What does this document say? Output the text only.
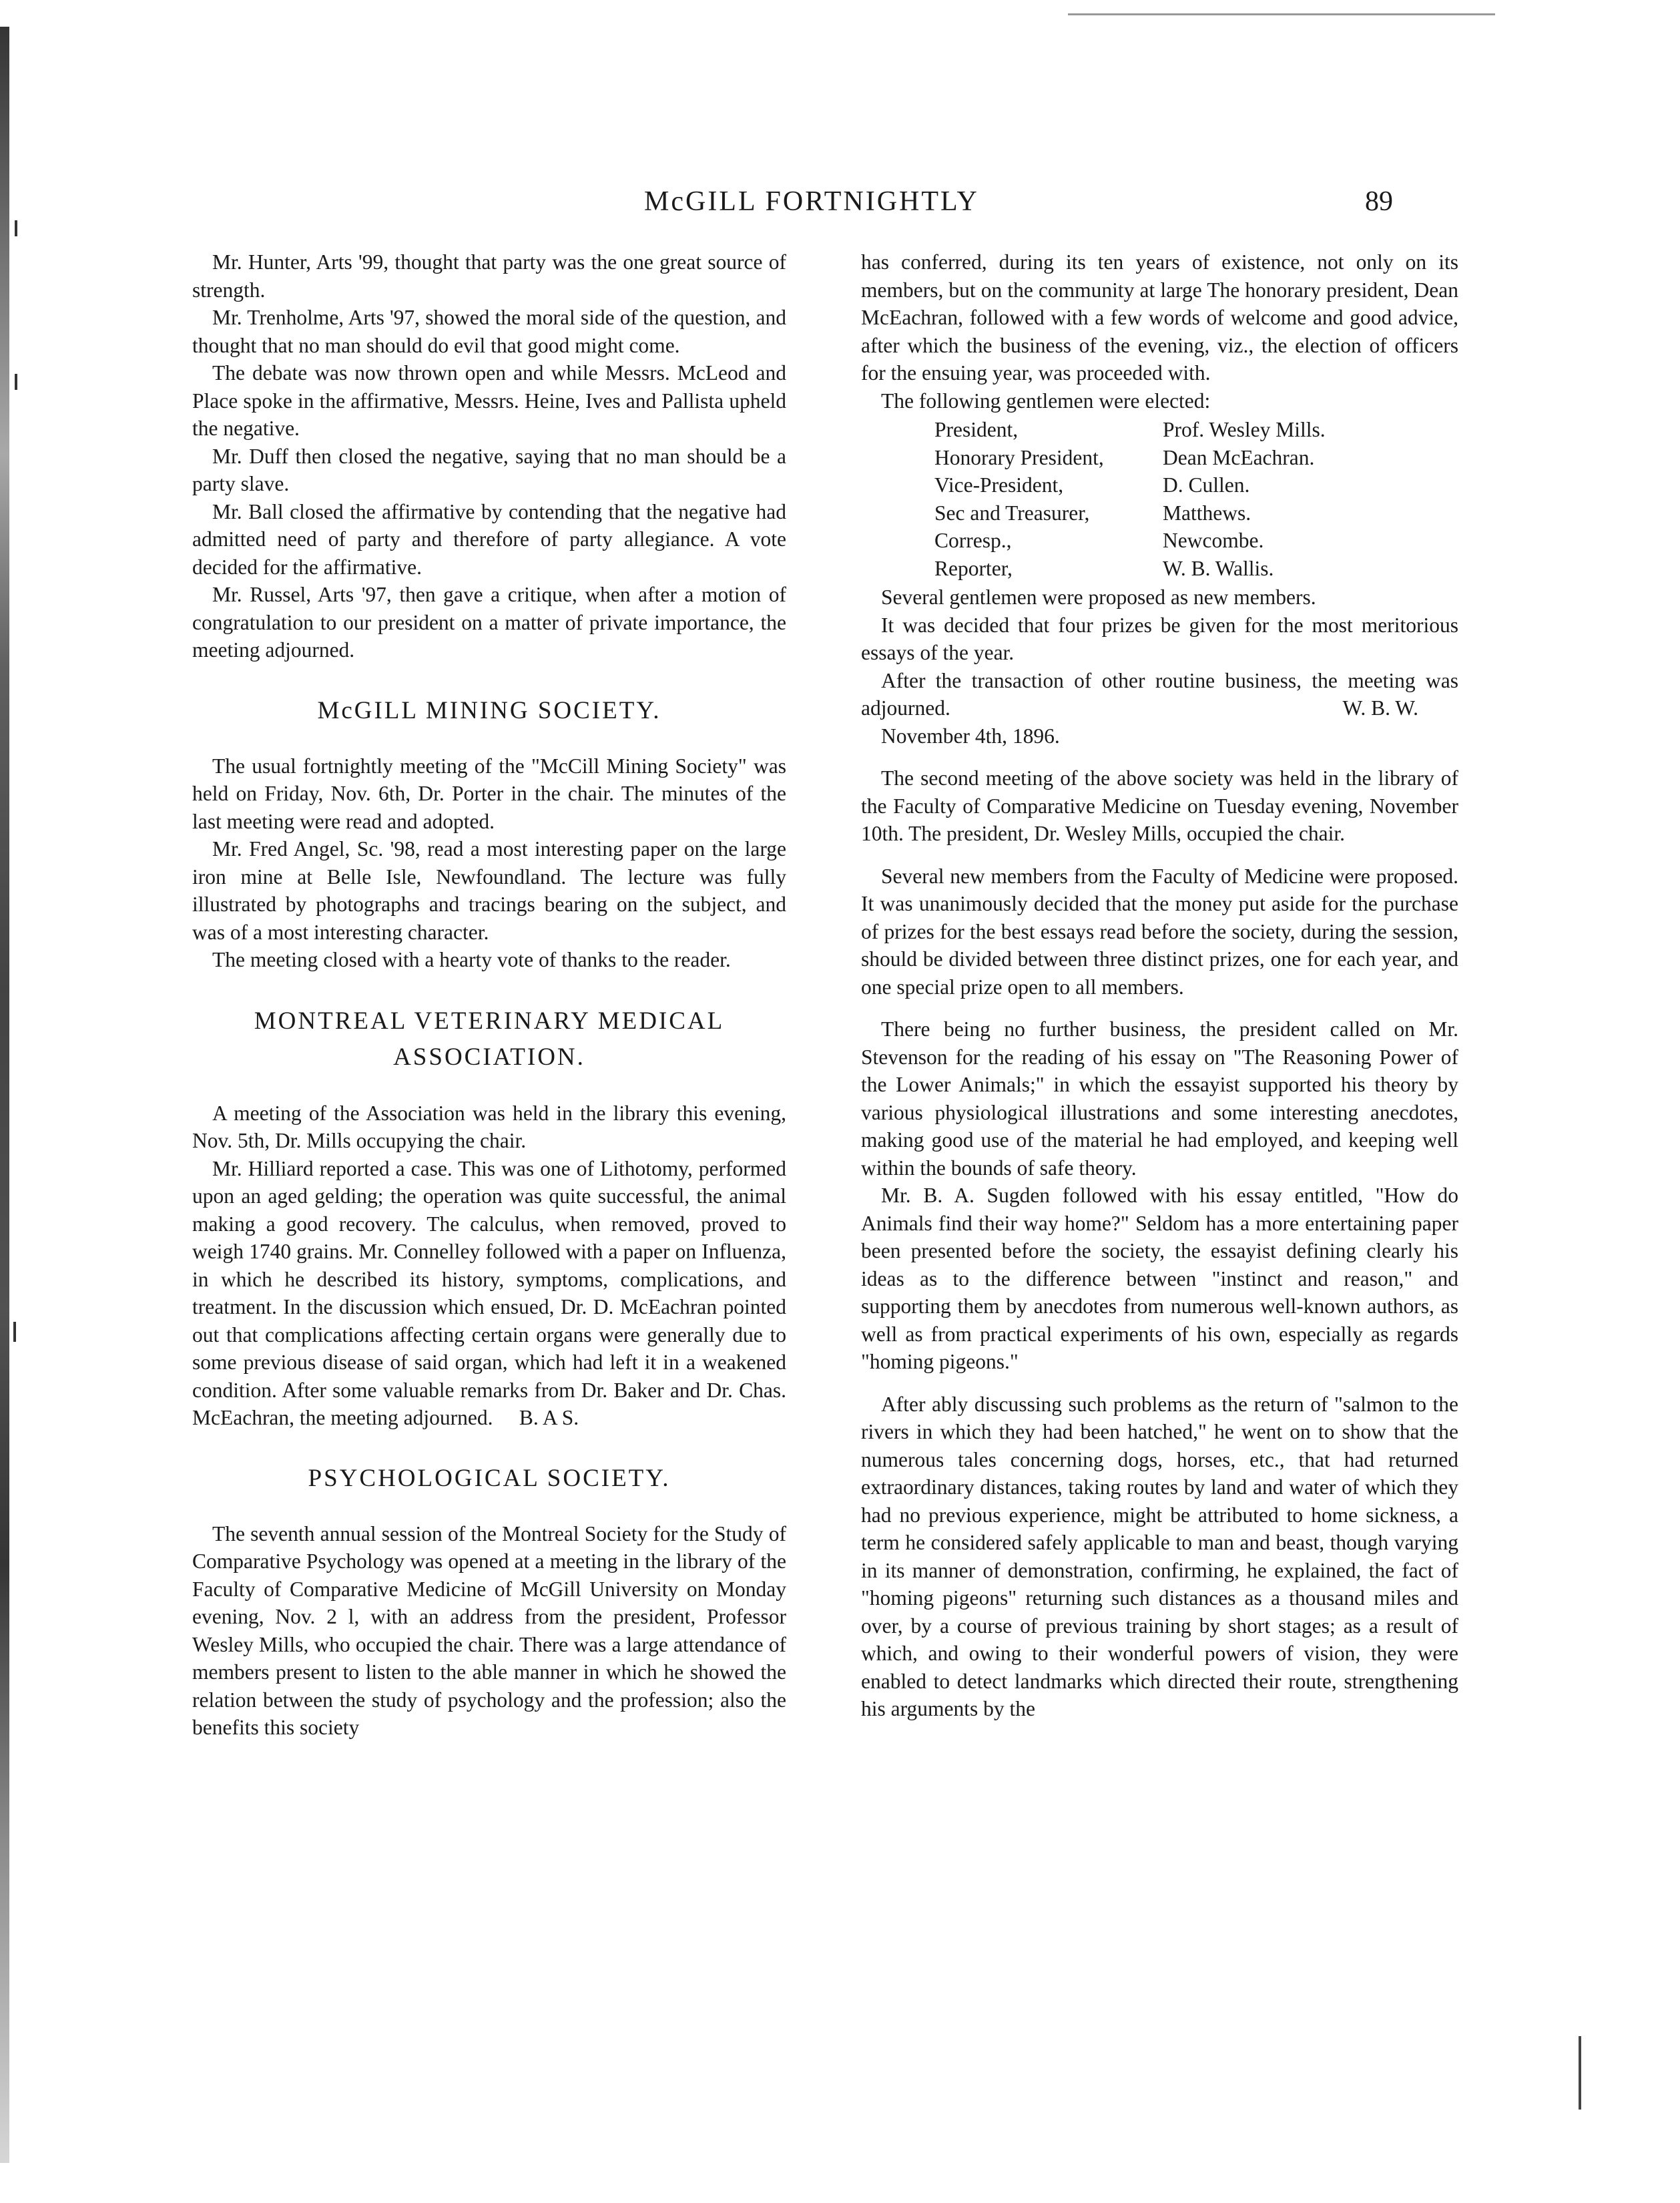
McGILL FORTNIGHTLY	89

Mr. Hunter, Arts '99, thought that party was the one great source of strength.

Mr. Trenholme, Arts '97, showed the moral side of the question, and thought that no man should do evil that good might come.

The debate was now thrown open and while Messrs. McLeod and Place spoke in the affirmative, Messrs. Heine, Ives and Pallista upheld the negative.

Mr. Duff then closed the negative, saying that no man should be a party slave.

Mr. Ball closed the affirmative by contending that the negative had admitted need of party and therefore of party allegiance. A vote decided for the affirmative.

Mr. Russel, Arts '97, then gave a critique, when after a motion of congratulation to our president on a matter of private importance, the meeting adjourned.

McGILL MINING SOCIETY.

The usual fortnightly meeting of the "McCill Mining Society" was held on Friday, Nov. 6th, Dr. Porter in the chair. The minutes of the last meeting were read and adopted.

Mr. Fred Angel, Sc. '98, read a most interesting paper on the large iron mine at Belle Isle, Newfoundland. The lecture was fully illustrated by photographs and tracings bearing on the subject, and was of a most interesting character.

The meeting closed with a hearty vote of thanks to the reader.

MONTREAL VETERINARY MEDICAL
ASSOCIATION.

A meeting of the Association was held in the library this evening, Nov. 5th, Dr. Mills occupying the chair.

Mr. Hilliard reported a case. This was one of Lithotomy, performed upon an aged gelding; the operation was quite successful, the animal making a good recovery. The calculus, when removed, proved to weigh 1740 grains. Mr. Connelley followed with a paper on Influenza, in which he described its history, symptoms, complications, and treatment. In the discussion which ensued, Dr. D. McEachran pointed out that complications affecting certain organs were generally due to some previous disease of said organ, which had left it in a weakened condition. After some valuable remarks from Dr. Baker and Dr. Chas. McEachran, the meeting adjourned. B. A S.

PSYCHOLOGICAL SOCIETY.

The seventh annual session of the Montreal Society for the Study of Comparative Psychology was opened at a meeting in the library of the Faculty of Comparative Medicine of McGill University on Monday evening, Nov. 2 l, with an address from the president, Professor Wesley Mills, who occupied the chair. There was a large attendance of members present to listen to the able manner in which he showed the relation between the study of psychology and the profession; also the benefits this society

has conferred, during its ten years of existence, not only on its members, but on the community at large The honorary president, Dean McEachran, followed with a few words of welcome and good advice, after which the business of the evening, viz., the election of officers for the ensuing year, was proceeded with.

The following gentlemen were elected:

President,	Prof. Wesley Mills.
Honorary President,	Dean McEachran.
Vice-President,	D. Cullen.
Sec and Treasurer,	Matthews.
Corresp.,	Newcombe.
Reporter,	W. B. Wallis.

Several gentlemen were proposed as new members.

It was decided that four prizes be given for the most meritorious essays of the year.

After the transaction of other routine business, the meeting was adjourned.	W. B. W.

November 4th, 1896.

The second meeting of the above society was held in the library of the Faculty of Comparative Medicine on Tuesday evening, November 10th. The president, Dr. Wesley Mills, occupied the chair.

Several new members from the Faculty of Medicine were proposed. It was unanimously decided that the money put aside for the purchase of prizes for the best essays read before the society, during the session, should be divided between three distinct prizes, one for each year, and one special prize open to all members.

There being no further business, the president called on Mr. Stevenson for the reading of his essay on "The Reasoning Power of the Lower Animals;" in which the essayist supported his theory by various physiological illustrations and some interesting anecdotes, making good use of the material he had employed, and keeping well within the bounds of safe theory.

Mr. B. A. Sugden followed with his essay entitled, "How do Animals find their way home?" Seldom has a more entertaining paper been presented before the society, the essayist defining clearly his ideas as to the difference between "instinct and reason," and supporting them by anecdotes from numerous well-known authors, as well as from practical experiments of his own, especially as regards "homing pigeons."

After ably discussing such problems as the return of "salmon to the rivers in which they had been hatched," he went on to show that the numerous tales concerning dogs, horses, etc., that had returned extraordinary distances, taking routes by land and water of which they had no previous experience, might be attributed to home sickness, a term he considered safely applicable to man and beast, though varying in its manner of demonstration, confirming, he explained, the fact of "homing pigeons" returning such distances as a thousand miles and over, by a course of previous training by short stages; as a result of which, and owing to their wonderful powers of vision, they were enabled to detect landmarks which directed their route, strengthening his arguments by the
